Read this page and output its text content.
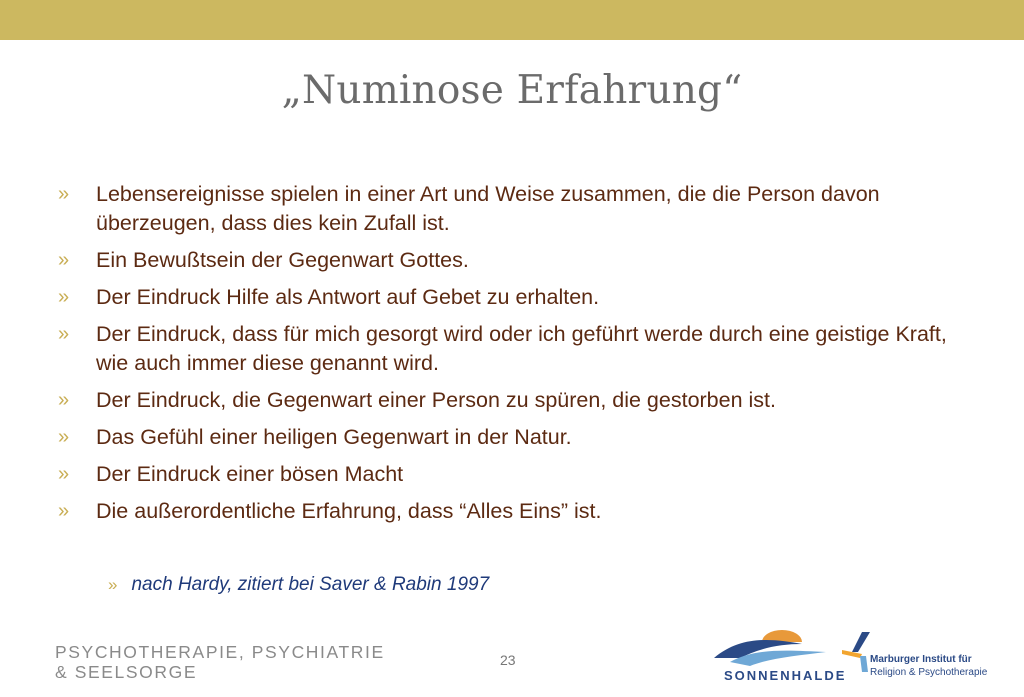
„Numinose Erfahrung“
» Lebensereignisse spielen in einer Art und Weise zusammen, die die Person davon überzeugen, dass dies kein Zufall ist.
» Ein Bewußtsein der Gegenwart Gottes.
» Der Eindruck Hilfe als Antwort auf Gebet zu erhalten.
» Der Eindruck, dass für mich gesorgt wird oder ich geführt werde durch eine geistige Kraft, wie auch immer diese genannt wird.
» Der Eindruck, die Gegenwart einer Person zu spüren, die gestorben ist.
» Das Gefühl einer heiligen Gegenwart in der Natur.
» Der Eindruck einer bösen Macht
» Die außerordentliche Erfahrung, dass “Alles Eins” ist.
» nach Hardy, zitiert bei Saver & Rabin 1997
PSYCHOTHERAPIE, PSYCHIATRIE
& SEELSORGE
23
SONNENHALDE
Marburger Institut für
Religion & Psychotherapie
